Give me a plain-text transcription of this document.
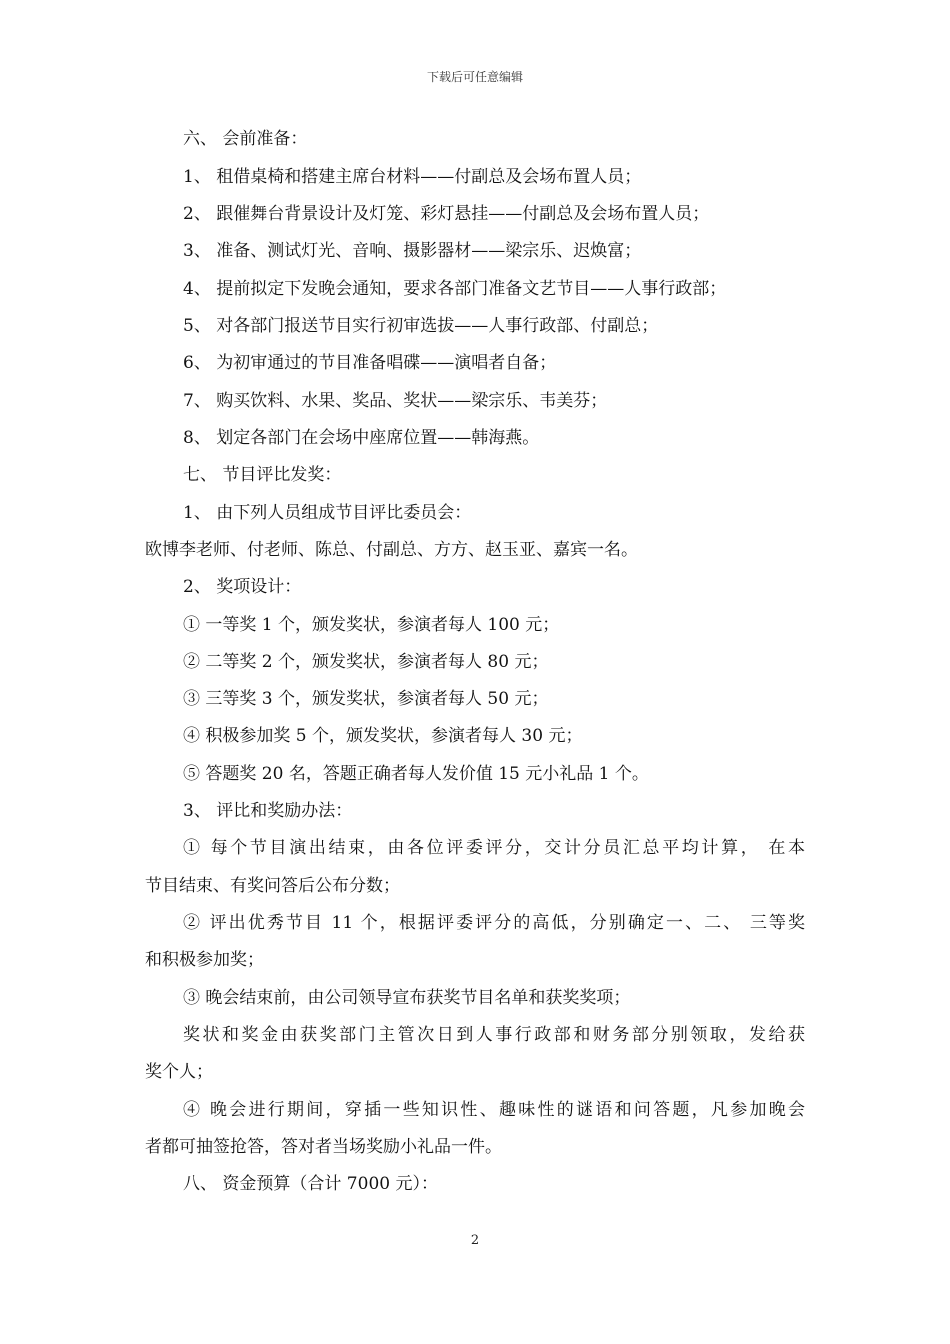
下载后可任意编辑
六、 会前准备：
1、 租借桌椅和搭建主席台材料——付副总及会场布置人员；
2、 跟催舞台背景设计及灯笼、彩灯悬挂——付副总及会场布置人员；
3、 准备、测试灯光、音响、摄影器材——梁宗乐、迟焕富；
4、 提前拟定下发晚会通知，要求各部门准备文艺节目——人事行政部；
5、 对各部门报送节目实行初审选拔——人事行政部、付副总；
6、 为初审通过的节目准备唱碟——演唱者自备；
7、 购买饮料、水果、奖品、奖状——梁宗乐、韦美芬；
8、 划定各部门在会场中座席位置——韩海燕。
七、 节目评比发奖：
1、 由下列人员组成节目评比委员会：
欧博李老师、付老师、陈总、付副总、方方、赵玉亚、嘉宾一名。
2、 奖项设计：
① 一等奖 1 个，颁发奖状，参演者每人 100 元；
② 二等奖 2 个，颁发奖状，参演者每人 80 元；
③ 三等奖 3 个，颁发奖状，参演者每人 50 元；
④ 积极参加奖 5 个，颁发奖状，参演者每人 30 元；
⑤ 答题奖 20 名，答题正确者每人发价值 15 元小礼品 1 个。
3、 评比和奖励办法：
① 每个节目演出结束，由各位评委评分，交计分员汇总平均计算， 在本
节目结束、有奖问答后公布分数；
② 评出优秀节目 11 个，根据评委评分的高低，分别确定一、二、 三等奖
和积极参加奖；
③ 晚会结束前，由公司领导宣布获奖节目名单和获奖奖项；
奖状和奖金由获奖部门主管次日到人事行政部和财务部分别领取，发给获
奖个人；
④ 晚会进行期间，穿插一些知识性、趣味性的谜语和问答题，凡参加晚会
者都可抽签抢答，答对者当场奖励小礼品一件。
八、 资金预算（合计 7000 元）：
2
